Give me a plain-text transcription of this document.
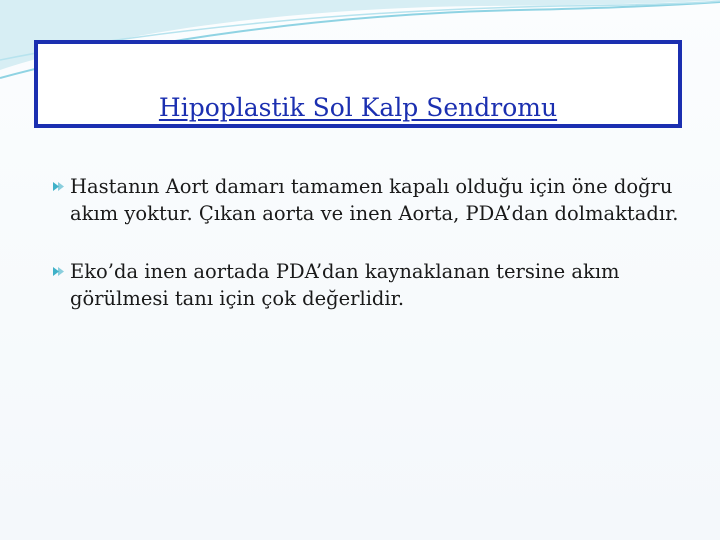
Hipoplastik Sol Kalp Sendromu
Hastanın Aort damarı tamamen kapalı olduğu için öne doğru akım yoktur. Çıkan aorta ve inen Aorta, PDA’dan dolmaktadır.
Eko’da inen aortada PDA’dan kaynaklanan tersine akım görülmesi tanı için çok değerlidir.
